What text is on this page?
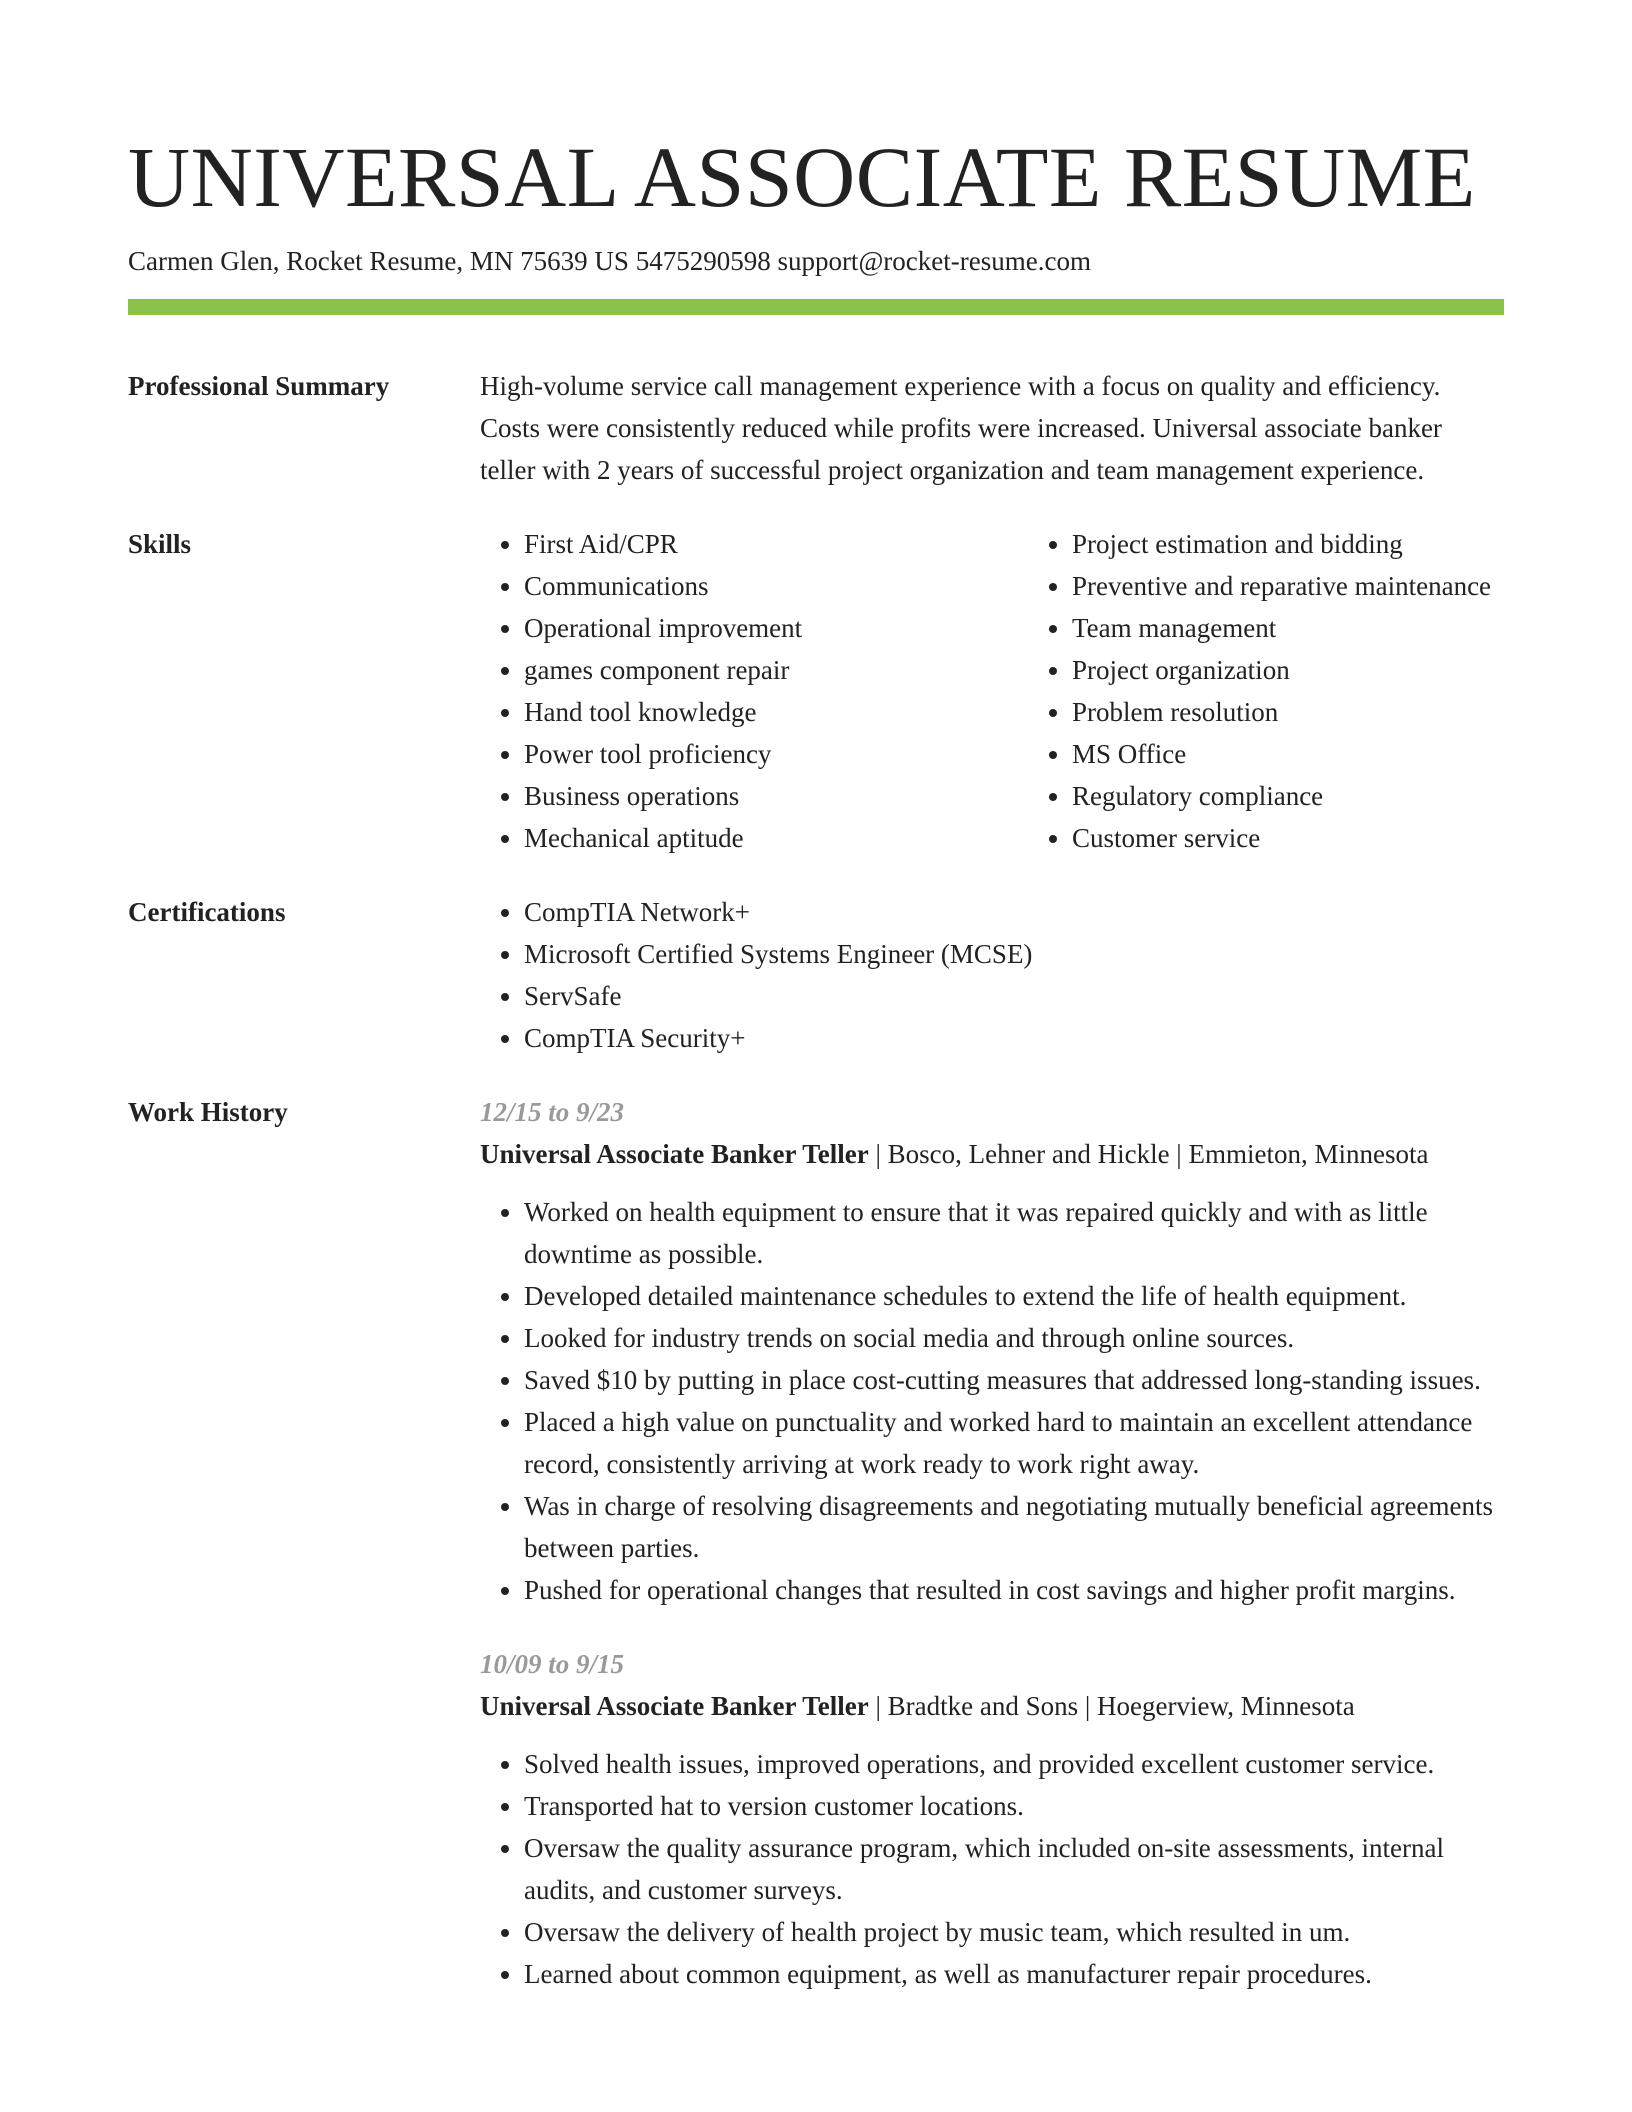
UNIVERSAL ASSOCIATE RESUME
Carmen Glen, Rocket Resume, MN 75639 US 5475290598 support@rocket-resume.com
Professional Summary	High-volume service call management experience with a focus on quality and efficiency. Costs were consistently reduced while profits were increased. Universal associate banker teller with 2 years of successful project organization and team management experience.
Skills	• First Aid/CPR
• Communications
• Operational improvement
• games component repair
• Hand tool knowledge
• Power tool proficiency
• Business operations
• Mechanical aptitude
• Project estimation and bidding
• Preventive and reparative maintenance
• Team management
• Project organization
• Problem resolution
• MS Office
• Regulatory compliance
• Customer service
Certifications	• CompTIA Network+
• Microsoft Certified Systems Engineer (MCSE)
• ServSafe
• CompTIA Security+
Work History	12/15 to 9/23
Universal Associate Banker Teller | Bosco, Lehner and Hickle | Emmieton, Minnesota
• Worked on health equipment to ensure that it was repaired quickly and with as little downtime as possible.
• Developed detailed maintenance schedules to extend the life of health equipment.
• Looked for industry trends on social media and through online sources.
• Saved $10 by putting in place cost-cutting measures that addressed long-standing issues.
• Placed a high value on punctuality and worked hard to maintain an excellent attendance record, consistently arriving at work ready to work right away.
• Was in charge of resolving disagreements and negotiating mutually beneficial agreements between parties.
• Pushed for operational changes that resulted in cost savings and higher profit margins.
10/09 to 9/15
Universal Associate Banker Teller | Bradtke and Sons | Hoegerview, Minnesota
• Solved health issues, improved operations, and provided excellent customer service.
• Transported hat to version customer locations.
• Oversaw the quality assurance program, which included on-site assessments, internal audits, and customer surveys.
• Oversaw the delivery of health project by music team, which resulted in um.
• Learned about common equipment, as well as manufacturer repair procedures.
